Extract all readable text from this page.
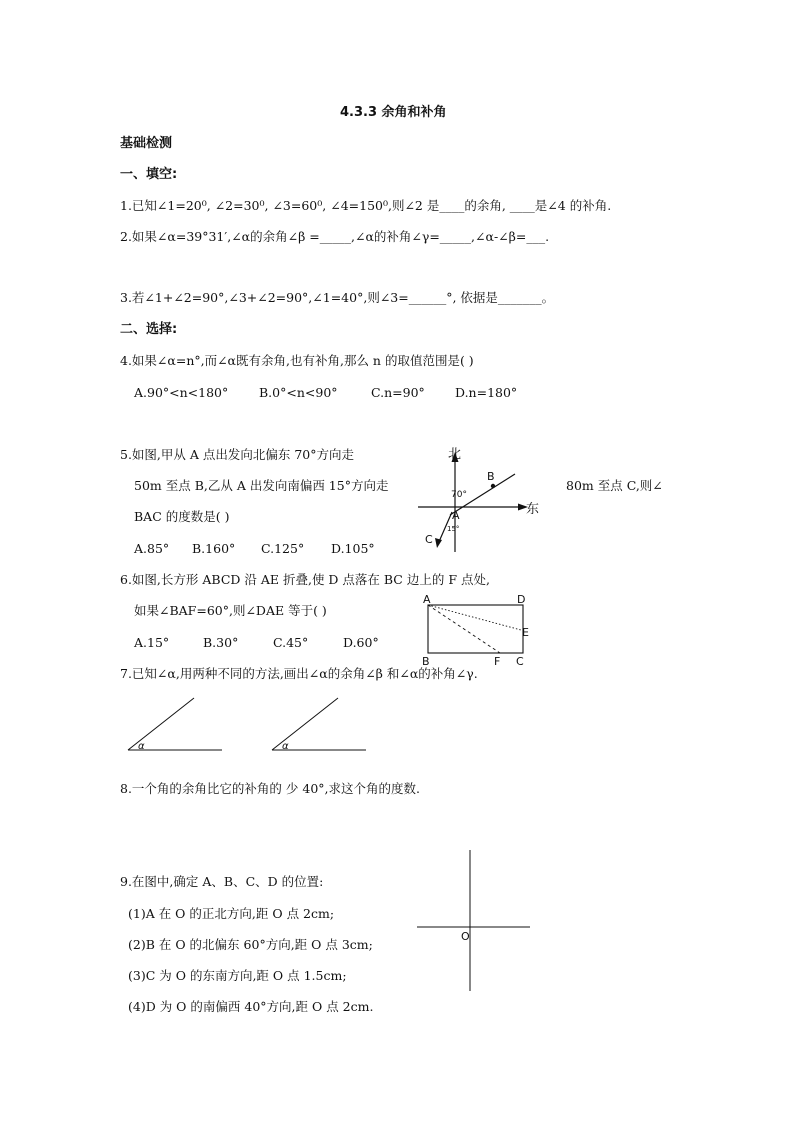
4.3.3 余角和补角
基础检测
一、填空:
1.已知∠1=20⁰, ∠2=30⁰, ∠3=60⁰, ∠4=150⁰,则∠2 是____的余角, ____是∠4 的补角.
2.如果∠α=39°31′,∠α的余角∠β =_____,∠α的补角∠γ=_____,∠α-∠β=___.
3.若∠1+∠2=90°,∠3+∠2=90°,∠1=40°,则∠3=______°, 依据是_______。
二、选择:
4.如果∠α=n°,而∠α既有余角,也有补角,那么 n 的取值范围是( )
A.90°<n<180° B.0°<n<90°	C.n=90° D.n=180°
5.如图,甲从 A 点出发向北偏东 70°方向走
50m 至点 B,乙从 A 出发向南偏西 15°方向走	80m 至点 C,则∠
BAC 的度数是( )
A.85° B.160° C.125° D.105°
北
东
B
70°
A
15°
C
6.如图,长方形 ABCD 沿 AE 折叠,使 D 点落在 BC 边上的 F 点处,
如果∠BAF=60°,则∠DAE 等于( )
A.15°	B.30°	C.45°	D.60°
A	D
E
B	F C
7.已知∠α,用两种不同的方法,画出∠α的余角∠β 和∠α的补角∠γ.
α	α
8.一个角的余角比它的补角的 少 40°,求这个角的度数.
9.在图中,确定 A、B、C、D 的位置:
(1)A 在 O 的正北方向,距 O 点 2cm;
(2)B 在 O 的北偏东 60°方向,距 O 点 3cm;
(3)C 为 O 的东南方向,距 O 点 1.5cm;
(4)D 为 O 的南偏西 40°方向,距 O 点 2cm.
O
